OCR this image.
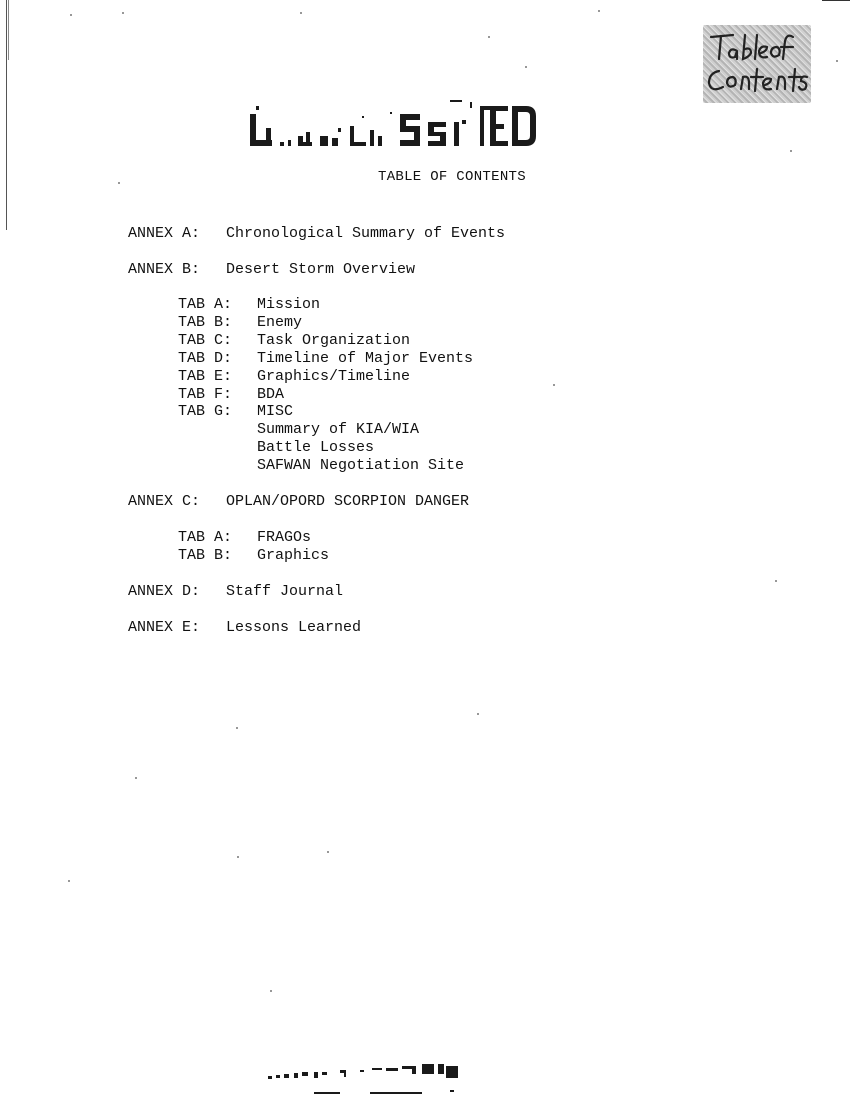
TABLE OF CONTENTS
ANNEX A: Chronological Summary of Events
ANNEX B: Desert Storm Overview
TAB A: Mission
TAB B: Enemy
TAB C: Task Organization
TAB D: Timeline of Major Events
TAB E: Graphics/Timeline
TAB F: BDA
TAB G: MISC
Summary of KIA/WIA
Battle Losses
SAFWAN Negotiation Site
ANNEX C: OPLAN/OPORD SCORPION DANGER
TAB A: FRAGOs
TAB B: Graphics
ANNEX D: Staff Journal
ANNEX E: Lessons Learned
